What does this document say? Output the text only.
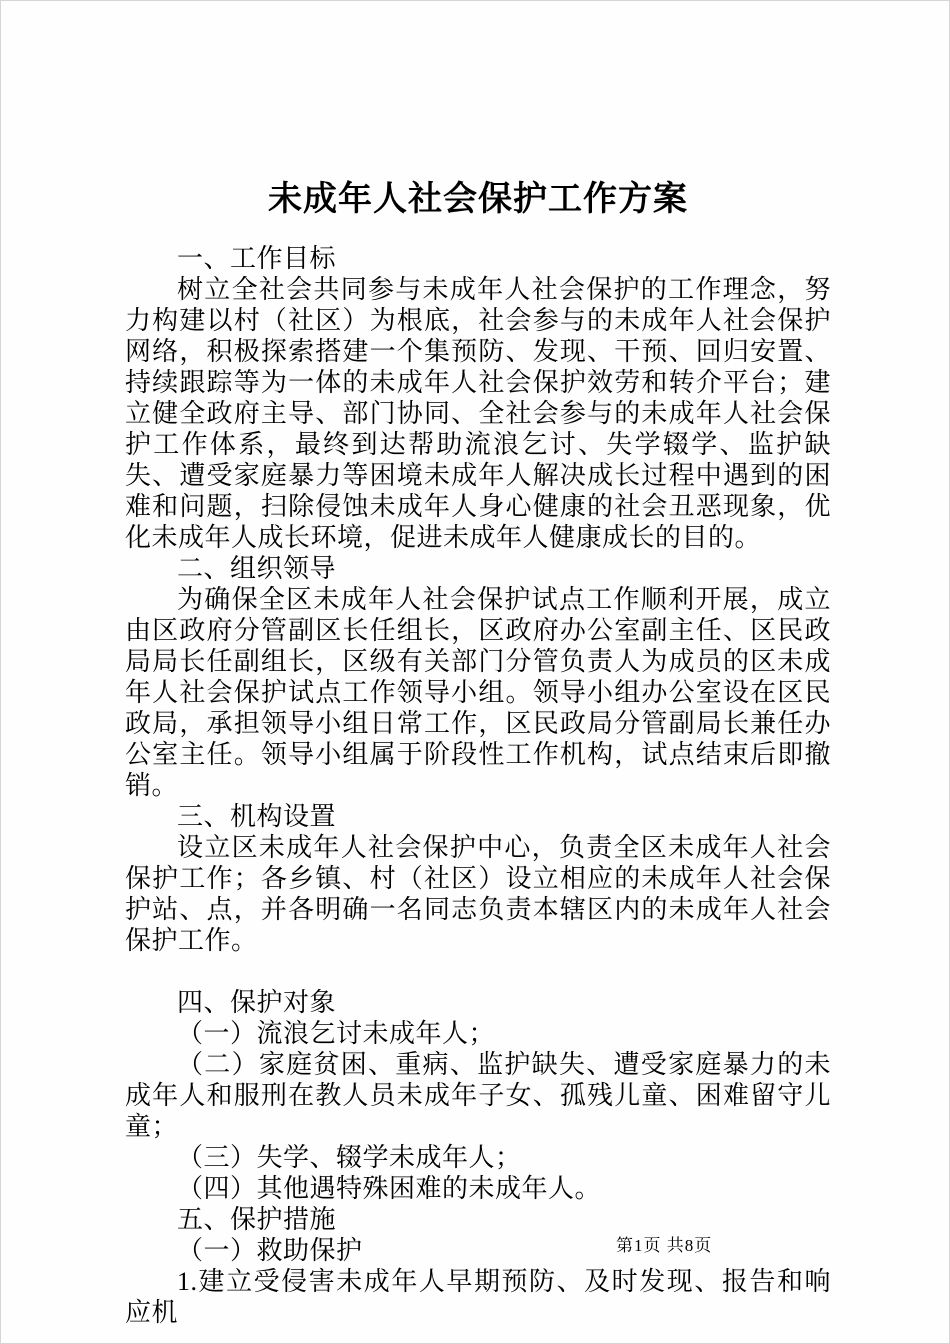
未成年人社会保护工作方案

一、工作目标

树立全社会共同参与未成年人社会保护的工作理念，努力构建以村（社区）为根底，社会参与的未成年人社会保护网络，积极探索搭建一个集预防、发现、干预、回归安置、持续跟踪等为一体的未成年人社会保护效劳和转介平台；建立健全政府主导、部门协同、全社会参与的未成年人社会保护工作体系，最终到达帮助流浪乞讨、失学辍学、监护缺失、遭受家庭暴力等困境未成年人解决成长过程中遇到的困难和问题，扫除侵蚀未成年人身心健康的社会丑恶现象，优化未成年人成长环境，促进未成年人健康成长的目的。

二、组织领导

为确保全区未成年人社会保护试点工作顺利开展，成立由区政府分管副区长任组长，区政府办公室副主任、区民政局局长任副组长，区级有关部门分管负责人为成员的区未成年人社会保护试点工作领导小组。领导小组办公室设在区民政局，承担领导小组日常工作，区民政局分管副局长兼任办公室主任。领导小组属于阶段性工作机构，试点结束后即撤销。

三、机构设置

设立区未成年人社会保护中心，负责全区未成年人社会保护工作；各乡镇、村（社区）设立相应的未成年人社会保护站、点，并各明确一名同志负责本辖区内的未成年人社会保护工作。

四、保护对象

（一）流浪乞讨未成年人；

（二）家庭贫困、重病、监护缺失、遭受家庭暴力的未成年人和服刑在教人员未成年子女、孤残儿童、困难留守儿童；

（三）失学、辍学未成年人；

（四）其他遇特殊困难的未成年人。

五、保护措施

（一）救助保护

1.建立受侵害未成年人早期预防、及时发现、报告和响应机

第1页 共8页
